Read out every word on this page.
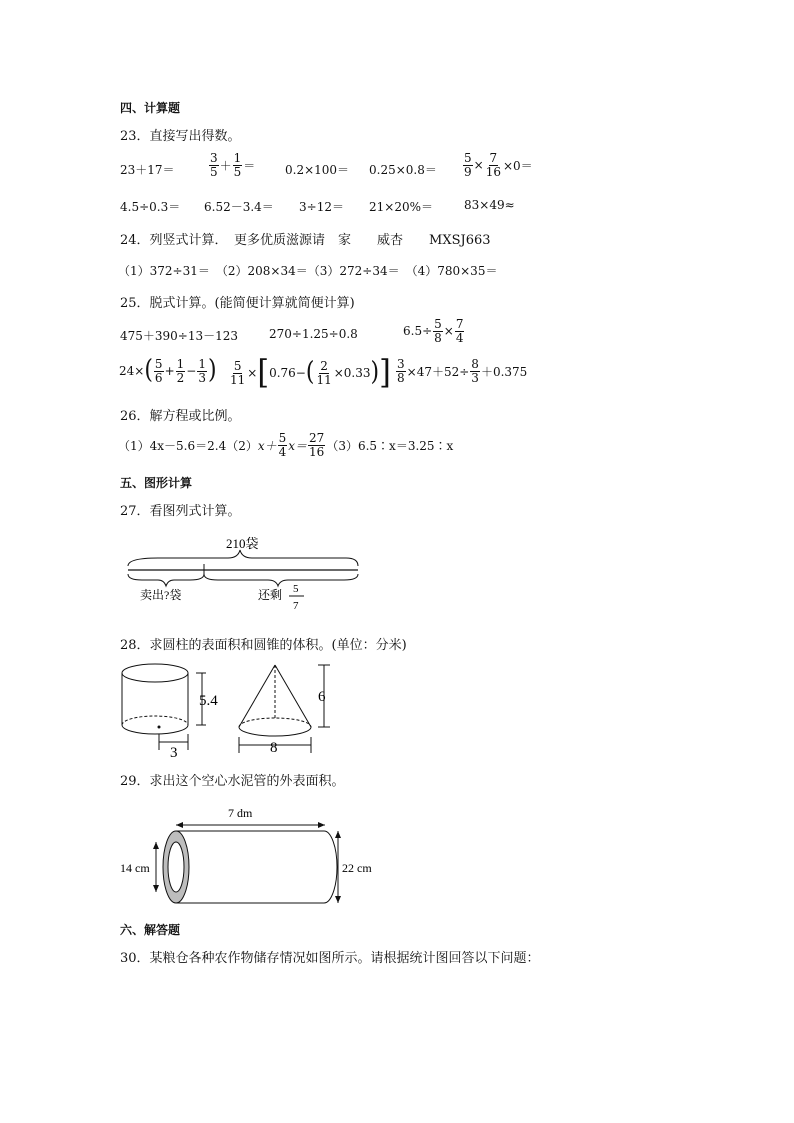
四、计算题
23．直接写出得数。
23＋17＝	$\frac{3}{5} + \frac{1}{5} = 0.2\times 100= 0.25\times 0.8= \frac{5}{9} \times \frac{7}{16} \times 0=$
4.5÷0.3＝ 6.52－3.4＝ 3÷12＝ 21×20%＝	83×49≈
24．列竖式计算．　更多优质滋源请　家　　威杏　　MXSJ663
（1）372÷31＝　（2）208×34＝（3）272÷34＝　（4）780×35＝
25．脱式计算。(能简便计算就简便计算)
475＋390÷13－123	270÷1.25÷0.8	$6.5\div \frac{5}{8} \times \frac{7}{4}$
24× ( $\frac{5}{6} + \frac{1}{2} - \frac{1}{3}$ ) $\frac{5}{11}$ × [ 0.76− ( $\frac{2}{11} \times 0.33$ ) ] $\frac{3}{8} \times 47+52\div \frac{8}{3} +0.375$
26．解方程或比例。
（1）4x－5.6＝2.4（2） $x+ \frac{5}{4} x= \frac{27}{16}$ （3）6.5∶x＝3.25∶x
五、图形计算
27．看图列式计算。
210袋
卖出?袋	还剩 5
7
28．求圆柱的表面积和圆锥的体积。(单位：分米)
5.4
3
6
8
29．求出这个空心水泥管的外表面积。
7 dm
14 cm	22 cm
六、解答题
30．某粮仓各种农作物储存情况如图所示。请根据统计图回答以下问题：
